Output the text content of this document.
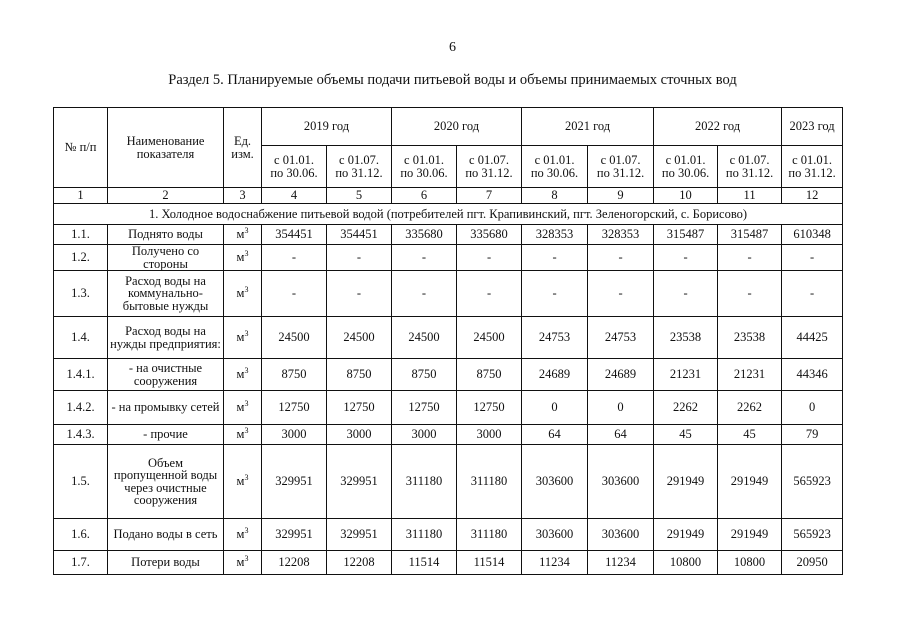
6
Раздел 5. Планируемые объемы подачи питьевой воды и объемы принимаемых сточных вод
№ п/п	Наименование показателя	Ед. изм.	2019 год		2020 год		2021 год		2022 год		2023 год
			с 01.01.
по 30.06.	с 01.07.
по 31.12.	с 01.01.
по 30.06.	с 01.07.
по 31.12.	с 01.01.
по 30.06.	с 01.07.
по 31.12.	с 01.01.
по 30.06.	с 01.07.
по 31.12.	с 01.01.
по 31.12.
1	2	3	4	5	6	7	8	9	10	11	12
1. Холодное водоснабжение питьевой водой (потребителей пгт. Крапивинский, пгт. Зеленогорский, с. Борисово)											
1.1.	Поднято воды	$м^3$	354451	354451	335680	335680	328353	328353	315487	315487	610348
1.2.	Получено со стороны	$м^3$	-	-	-	-	-	-	-	-	-
1.3.	Расход воды на коммунально-бытовые нужды	$м^3$	-	-	-	-	-	-	-	-	-
1.4.	Расход воды на нужды предприятия:	$м^3$	24500	24500	24500	24500	24753	24753	23538	23538	44425
1.4.1.	- на очистные сооружения	$м^3$	8750	8750	8750	8750	24689	24689	21231	21231	44346
1.4.2.	- на промывку сетей	$м^3$	12750	12750	12750	12750	0	0	2262	2262	0
1.4.3.	- прочие	$м^3$	3000	3000	3000	3000	64	64	45	45	79
1.5.	Объем пропущенной воды через очистные сооружения	$м^3$	329951	329951	311180	311180	303600	303600	291949	291949	565923
1.6.	Подано воды в сеть	$м^3$	329951	329951	311180	311180	303600	303600	291949	291949	565923
1.7.	Потери воды	$м^3$	12208	12208	11514	11514	11234	11234	10800	10800	20950
